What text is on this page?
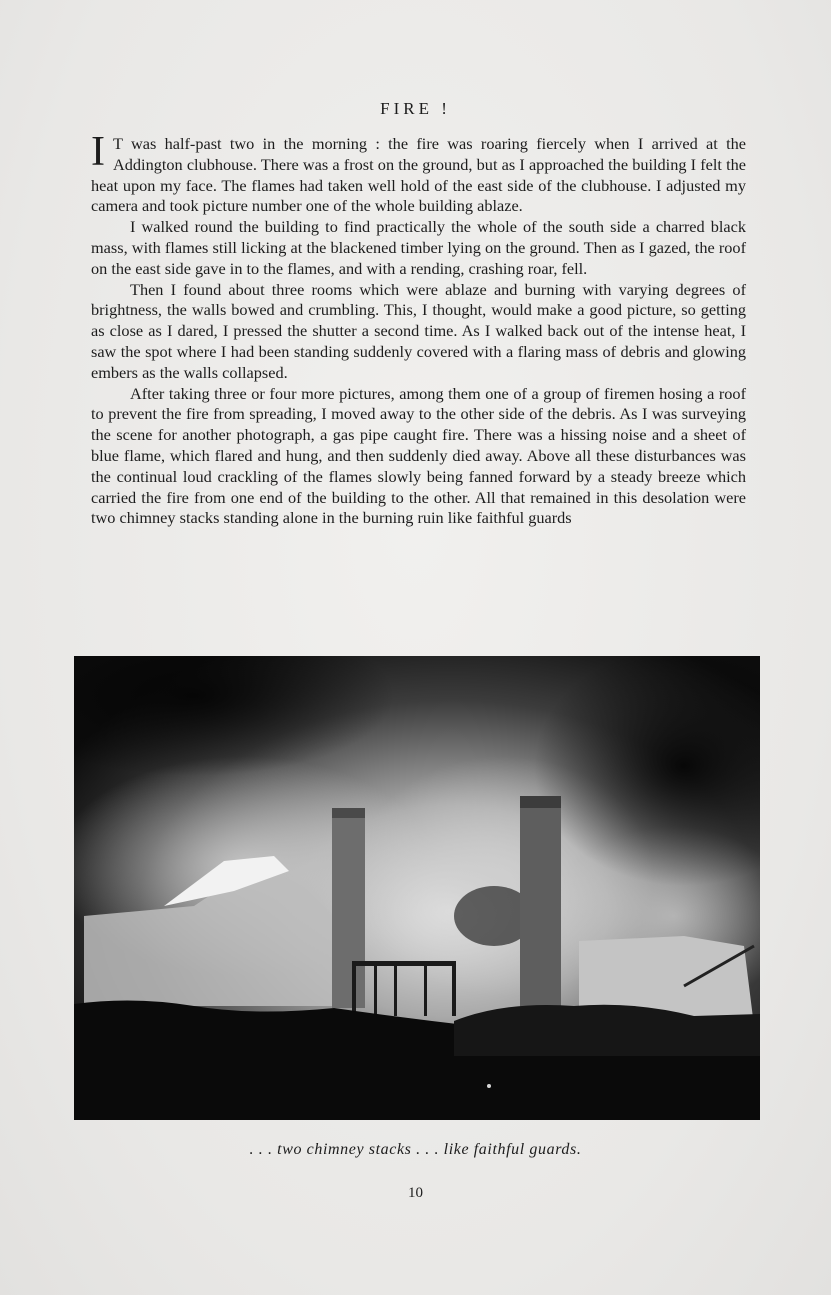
FIRE !

I T was half-past two in the morning : the fire was roaring fiercely when I arrived at the Addington clubhouse. There was a frost on the ground, but as I approached the building I felt the heat upon my face. The flames had taken well hold of the east side of the clubhouse. I adjusted my camera and took picture number one of the whole building ablaze.

I walked round the building to find practically the whole of the south side a charred black mass, with flames still licking at the blackened timber lying on the ground. Then as I gazed, the roof on the east side gave in to the flames, and with a rending, crashing roar, fell.

Then I found about three rooms which were ablaze and burning with varying degrees of brightness, the walls bowed and crumbling. This, I thought, would make a good picture, so getting as close as I dared, I pressed the shutter a second time. As I walked back out of the intense heat, I saw the spot where I had been standing suddenly covered with a flaring mass of debris and glowing embers as the walls collapsed.

After taking three or four more pictures, among them one of a group of firemen hosing a roof to prevent the fire from spreading, I moved away to the other side of the debris. As I was surveying the scene for another photograph, a gas pipe caught fire. There was a hissing noise and a sheet of blue flame, which flared and hung, and then suddenly died away. Above all these disturbances was the continual loud crackling of the flames slowly being fanned forward by a steady breeze which carried the fire from one end of the building to the other. All that remained in this desolation were two chimney stacks standing alone in the burning ruin like faithful guards

. . . two chimney stacks . . . like faithful guards.
10
